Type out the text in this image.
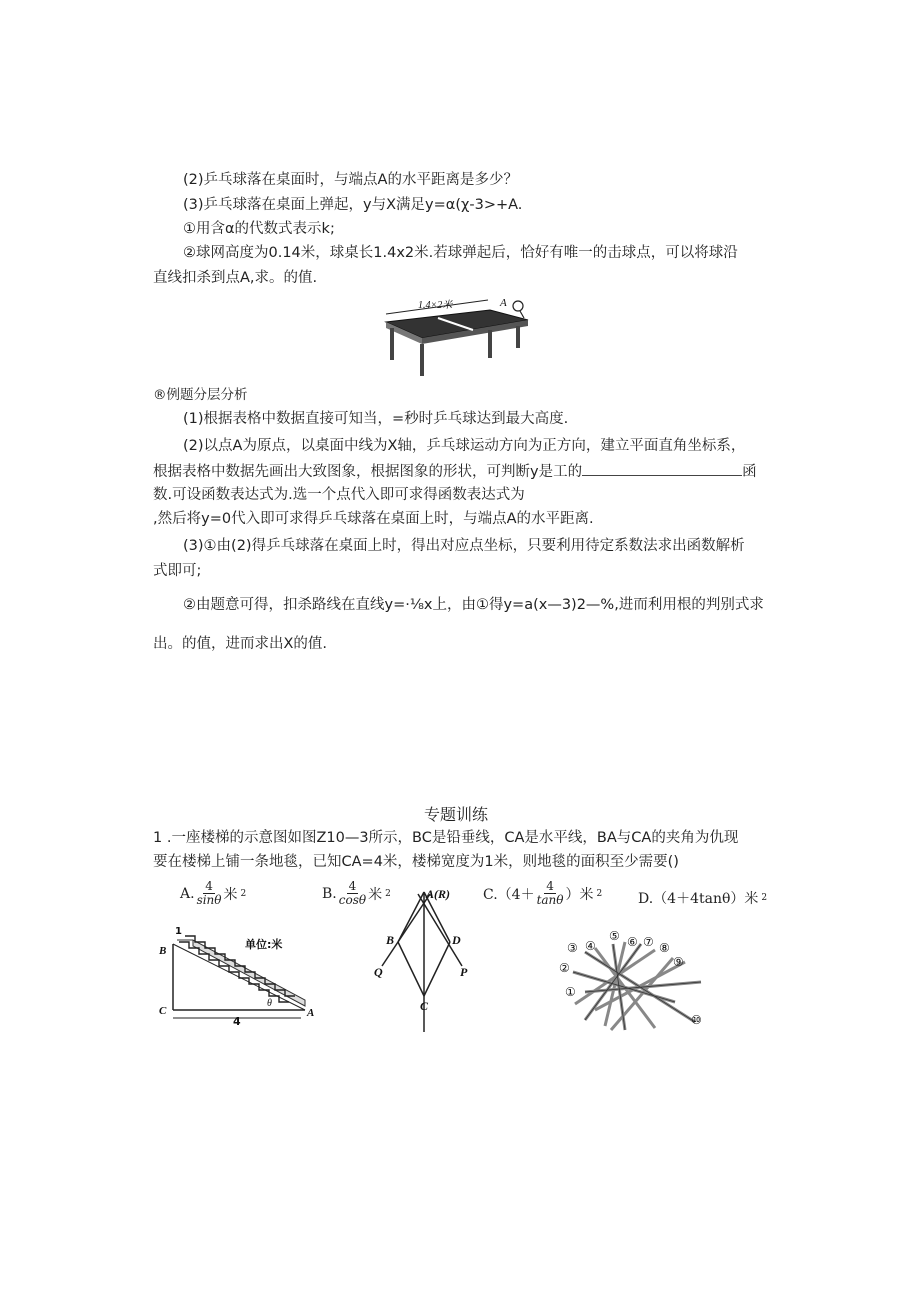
(2)乒乓球落在桌面时，与端点A的水平距离是多少？
(3)乒乓球落在桌面上弹起，y与X满足y=α(χ-3>+A.
①用含α的代数式表示k;
②球网高度为0.14米，球桌长1.4x2米.若球弹起后，恰好有唯一的击球点，可以将球沿
直线扣杀到点A,求。的值.
1.4×2米	A
®例题分层分析
(1)根据表格中数据直接可知当，=秒时乒乓球达到最大高度.
(2)以点A为原点，以桌面中线为X轴，乒乓球运动方向为正方向，建立平面直角坐标系，
根据表格中数据先画出大致图象，根据图象的形状，可判断y是工的	函
数.可设函数表达式为.选一个点代入即可求得函数表达式为
,然后将y=0代入即可求得乒乓球落在桌面上时，与端点A的水平距离.
(3)①由(2)得乒乓球落在桌面上时，得出对应点坐标，只要利用待定系数法求出函数解析
式即可;
②由题意可得，扣杀路线在直线y=·⅛x上，由①得y=a(x—3)2—%,进而利用根的判别式求
出。的值，进而求出X的值.
专题训练
1 .一座楼梯的示意图如图Z10—3所示，BC是铅垂线，CA是水平线，BA与CA的夹角为仇现
要在楼梯上铺一条地毯，已知CA=4米，楼梯宽度为1米，则地毯的面积至少需要()
A. $\frac{4}{\sin\theta}$ 米 2	B. $\frac{4}{\cos\theta}$ 米 2	$C.(4+ \frac{4}{\tan\theta}$ ）米 2	D.（4＋4tanθ）米 2
单位:米
1
B
C	A
θ
4
A(R)
B	D
Q	P
C
①
②
③ ④
⑤ ⑥ ⑦ ⑧
⑨
⑩
